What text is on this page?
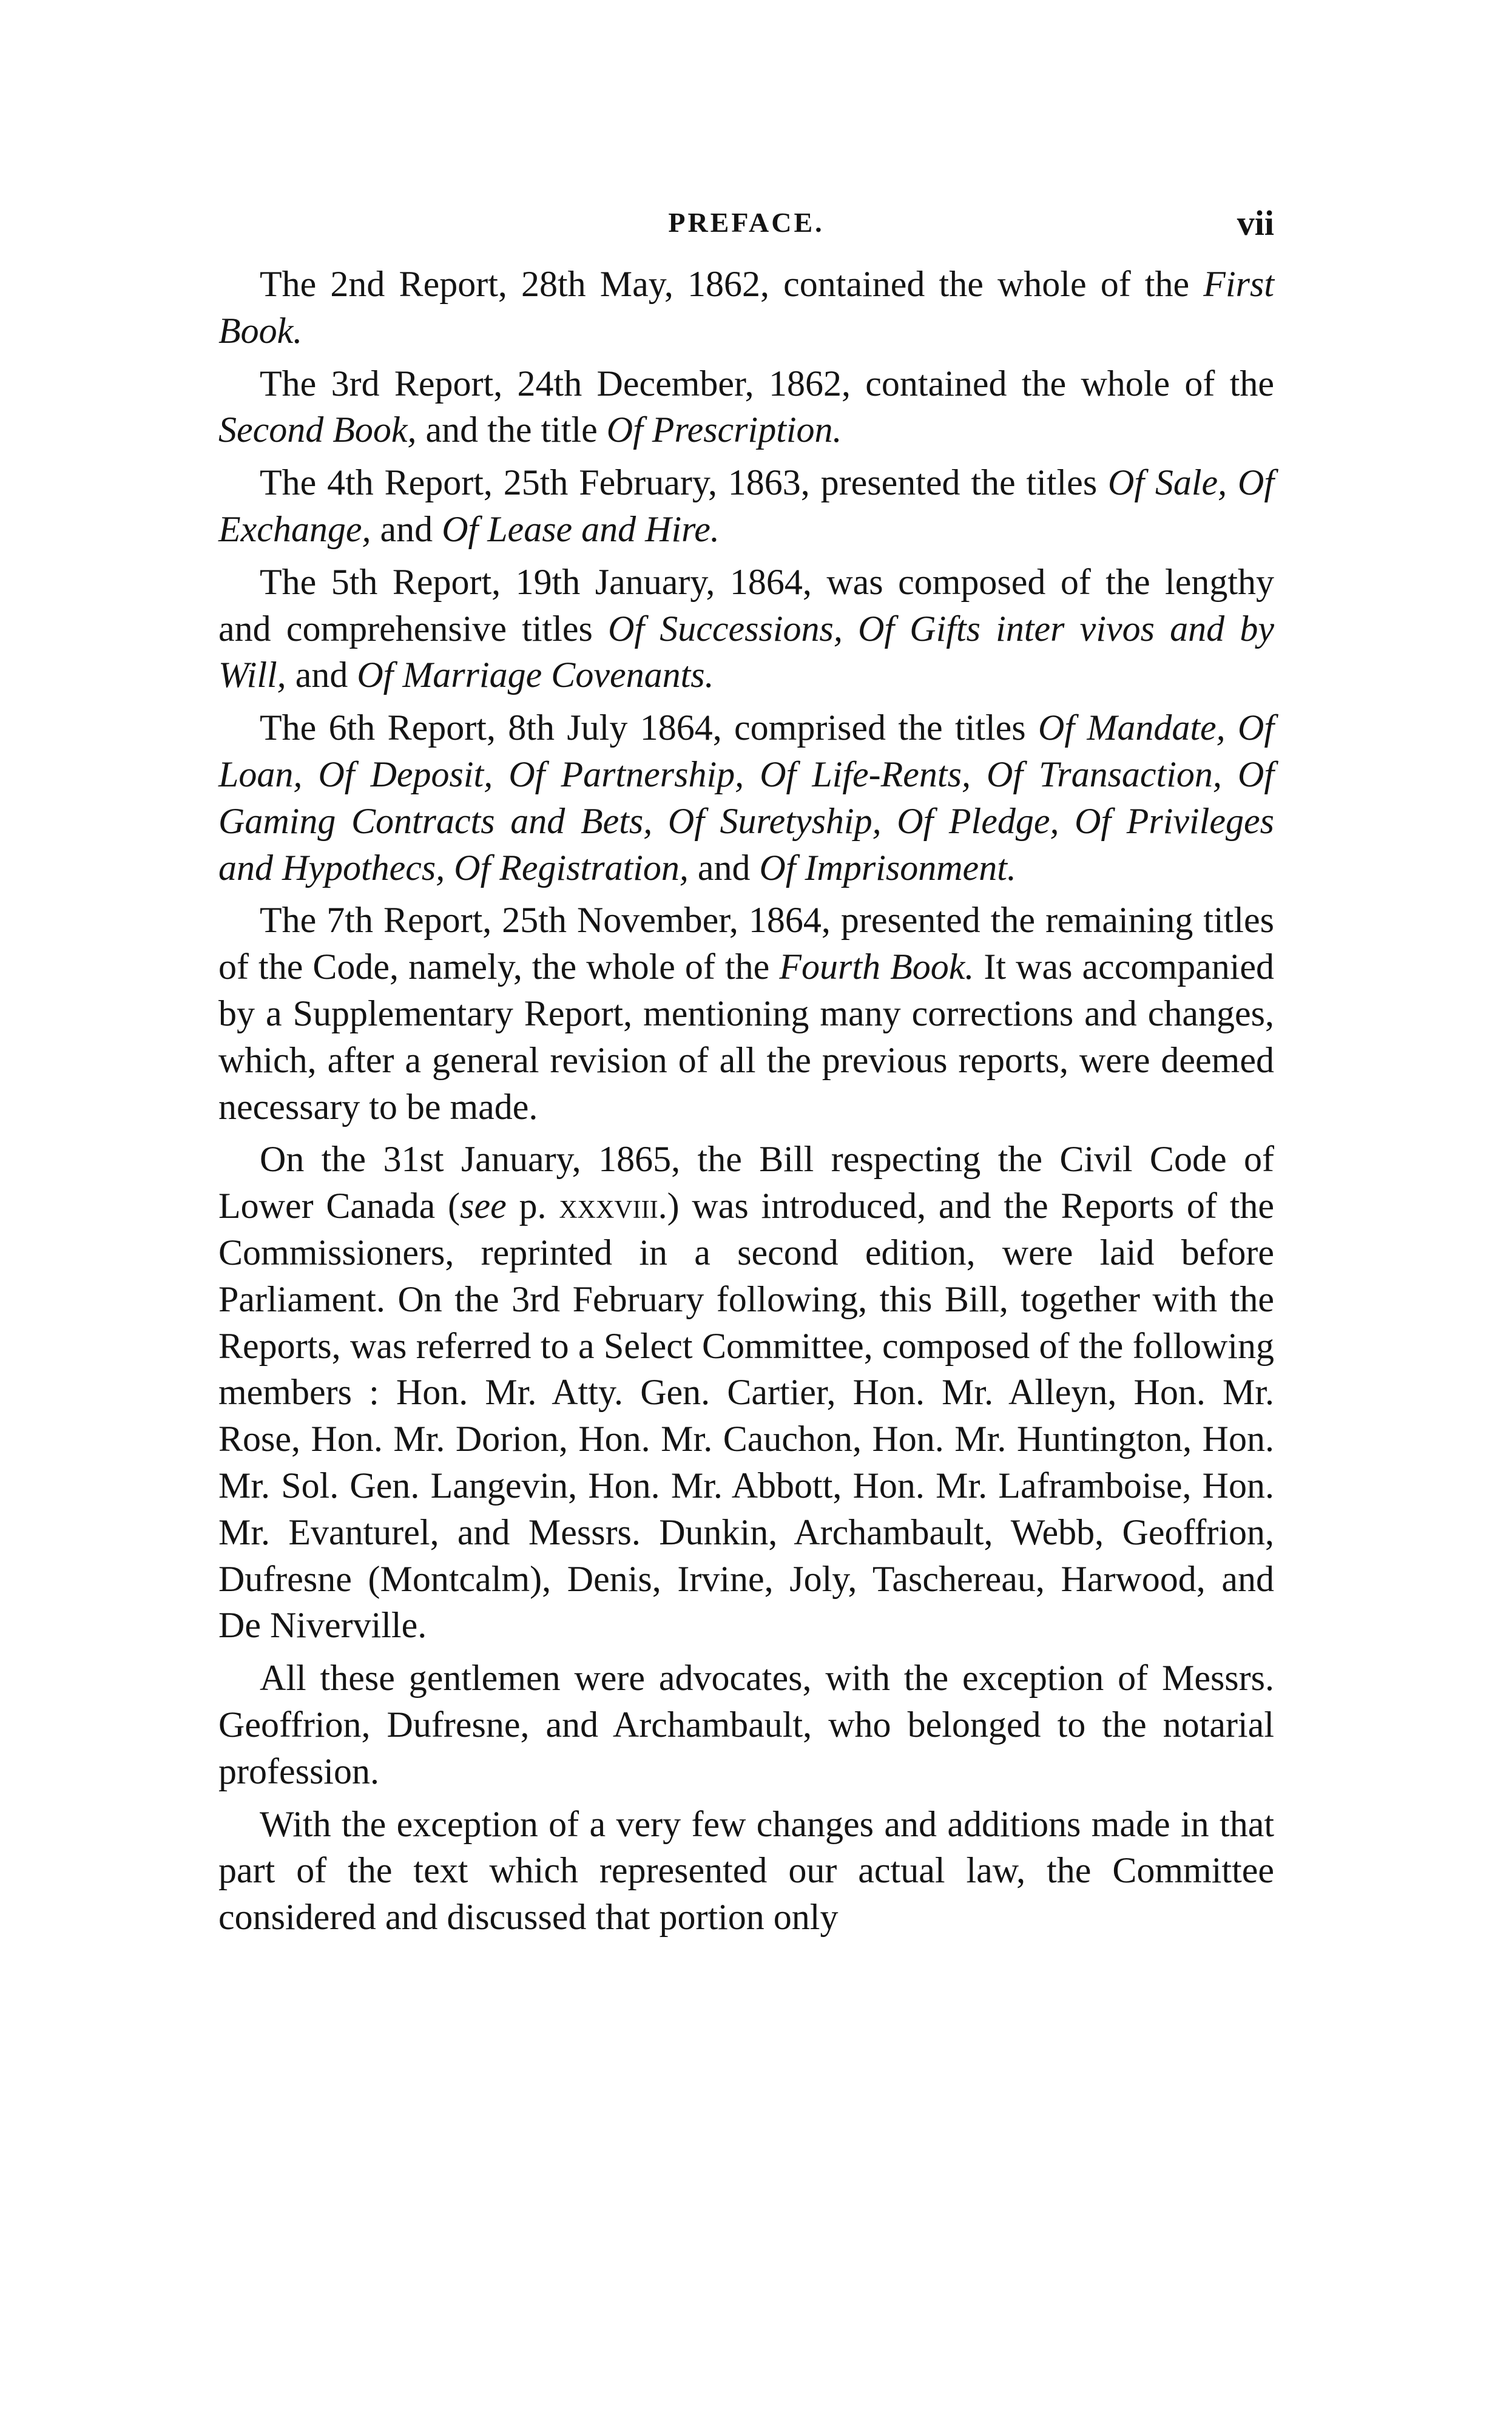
PREFACE.	vii

The 2nd Report, 28th May, 1862, contained the whole of the First Book.

The 3rd Report, 24th December, 1862, contained the whole of the Second Book, and the title Of Prescription.

The 4th Report, 25th February, 1863, presented the titles Of Sale, Of Exchange, and Of Lease and Hire.

The 5th Report, 19th January, 1864, was composed of the lengthy and comprehensive titles Of Successions, Of Gifts inter vivos and by Will, and Of Marriage Covenants.

The 6th Report, 8th July 1864, comprised the titles Of Mandate, Of Loan, Of Deposit, Of Partnership, Of Life-Rents, Of Transaction, Of Gaming Contracts and Bets, Of Suretyship, Of Pledge, Of Privileges and Hypothecs, Of Registration, and Of Imprisonment.

The 7th Report, 25th November, 1864, presented the remaining titles of the Code, namely, the whole of the Fourth Book. It was accompanied by a Supplementary Report, mentioning many corrections and changes, which, after a general revision of all the previous reports, were deemed necessary to be made.

On the 31st January, 1865, the Bill respecting the Civil Code of Lower Canada (see p. xxxviii.) was introduced, and the Reports of the Commissioners, reprinted in a second edition, were laid before Parliament. On the 3rd February following, this Bill, together with the Reports, was referred to a Select Committee, composed of the following members : Hon. Mr. Atty. Gen. Cartier, Hon. Mr. Alleyn, Hon. Mr. Rose, Hon. Mr. Dorion, Hon. Mr. Cauchon, Hon. Mr. Huntington, Hon. Mr. Sol. Gen. Langevin, Hon. Mr. Abbott, Hon. Mr. Laframboise, Hon. Mr. Evanturel, and Messrs. Dunkin, Archambault, Webb, Geoffrion, Dufresne (Montcalm), Denis, Irvine, Joly, Taschereau, Harwood, and De Niverville.

All these gentlemen were advocates, with the exception of Messrs. Geoffrion, Dufresne, and Archambault, who belonged to the notarial profession.

With the exception of a very few changes and additions made in that part of the text which represented our actual law, the Committee considered and discussed that portion only
